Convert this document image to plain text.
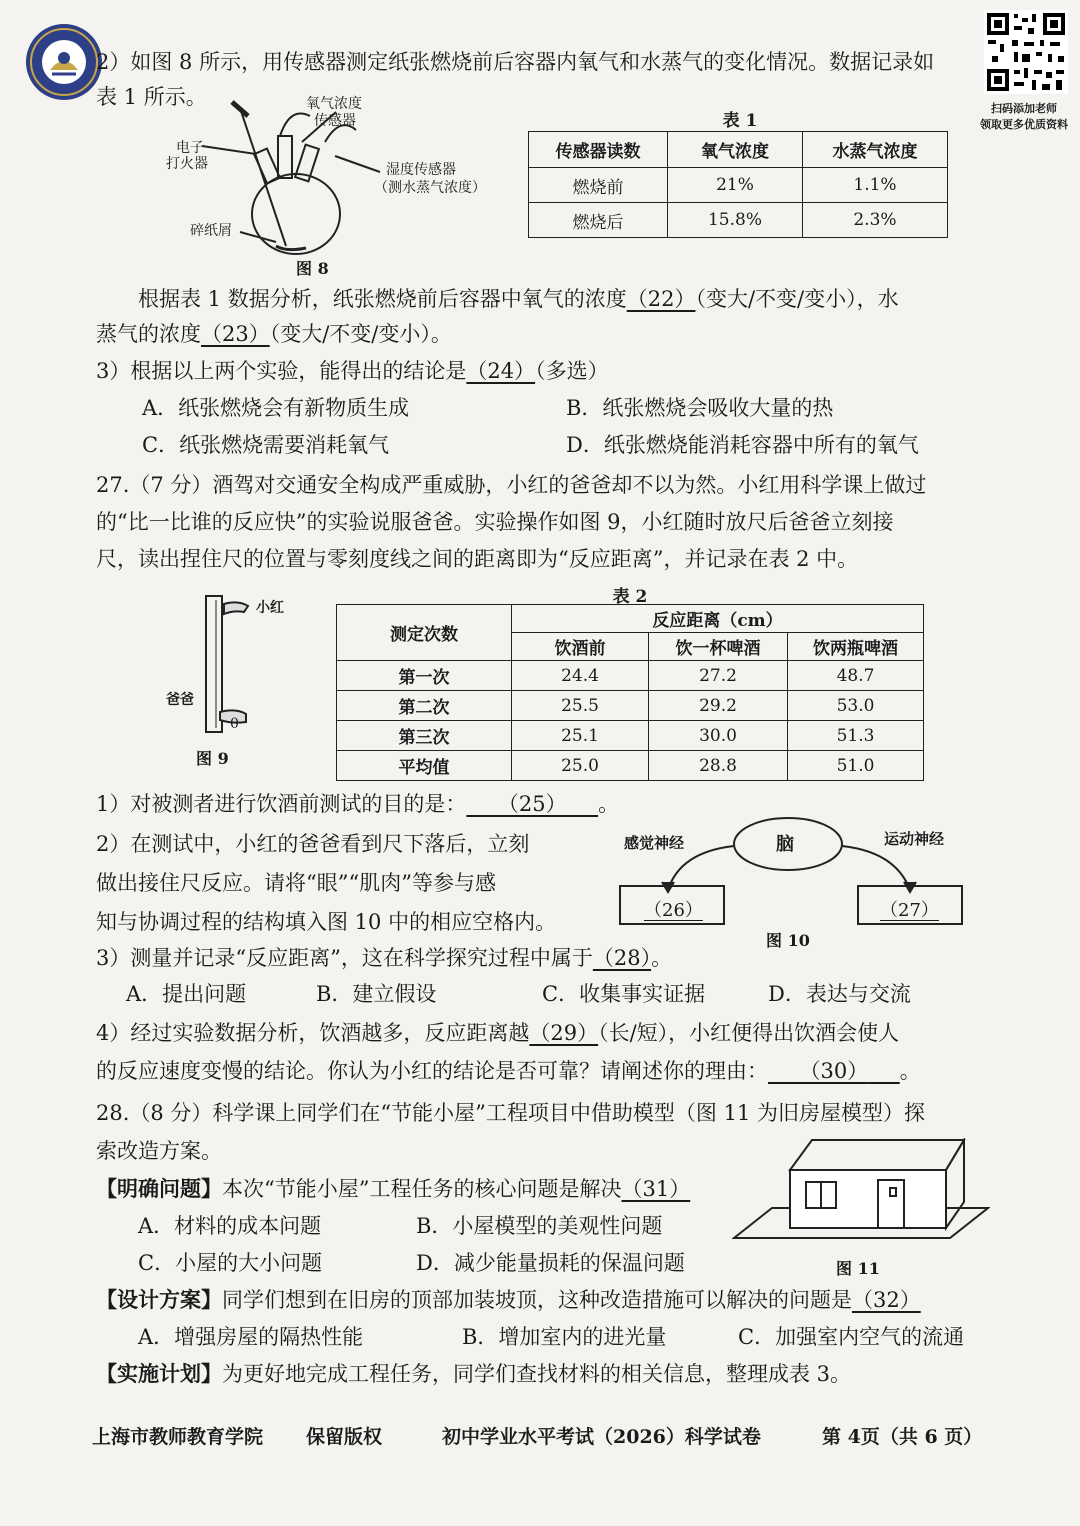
扫码添加老师
领取更多优质资料
2）如图 8 所示，用传感器测定纸张燃烧前后容器内氧气和水蒸气的变化情况。数据记录如
表 1 所示。
电子
打火器
氧气浓度
传感器
湿度传感器
（测水蒸气浓度）
碎纸屑
图 8
表 1
传感器读数	氧气浓度	水蒸气浓度
燃烧前	21%	1.1%
燃烧后	15.8%	2.3%
根据表 1 数据分析，纸张燃烧前后容器中氧气的浓度（22）（变大/不变/变小），水
蒸气的浓度（23）（变大/不变/变小）。
3）根据以上两个实验，能得出的结论是（24）（多选）
A．纸张燃烧会有新物质生成	B．纸张燃烧会吸收大量的热
C．纸张燃烧需要消耗氧气	D．纸张燃烧能消耗容器中所有的氧气
27.（7 分）酒驾对交通安全构成严重威胁，小红的爸爸却不以为然。小红用科学课上做过
的“比一比谁的反应快”的实验说服爸爸。实验操作如图 9，小红随时放尺后爸爸立刻接
尺，读出捏住尺的位置与零刻度线之间的距离即为“反应距离”，并记录在表 2 中。
小红
爸爸
0
图 9
表 2
测定次数	反应距离（cm）		
	饮酒前	饮一杯啤酒	饮两瓶啤酒
第一次	24.4	27.2	48.7
第二次	25.5	29.2	53.0
第三次	25.1	30.0	51.3
平均值	25.0	28.8	51.0
1）对被测者进行饮酒前测试的目的是：   （25）   。
2）在测试中，小红的爸爸看到尺下落后，立刻
做出接住尺反应。请将“眼”“肌肉”等参与感
知与协调过程的结构填入图 10 中的相应空格内。
脑
感觉神经	运动神经
（26）	（27）
图 10
3）测量并记录“反应距离”，这在科学探究过程中属于（28）。
A．提出问题	B．建立假设	C．收集事实证据	D．表达与交流
4）经过实验数据分析，饮酒越多，反应距离越（29）（长/短），小红便得出饮酒会使人
的反应速度变慢的结论。你认为小红的结论是否可靠？请阐述你的理由：   （30）   。
28.（8 分）科学课上同学们在“节能小屋”工程项目中借助模型（图 11 为旧房屋模型）探
索改造方案。
【明确问题】本次“节能小屋”工程任务的核心问题是解决（31）
A．材料的成本问题	B．小屋模型的美观性问题
C．小屋的大小问题	D．减少能量损耗的保温问题	图 11
【设计方案】同学们想到在旧房的顶部加装坡顶，这种改造措施可以解决的问题是（32）
A．增强房屋的隔热性能	B．增加室内的进光量	C．加强室内空气的流通
【实施计划】为更好地完成工程任务，同学们查找材料的相关信息，整理成表 3。
上海市教师教育学院 保留版权	初中学业水平考试（2026）科学试卷	第 4页（共 6 页）
